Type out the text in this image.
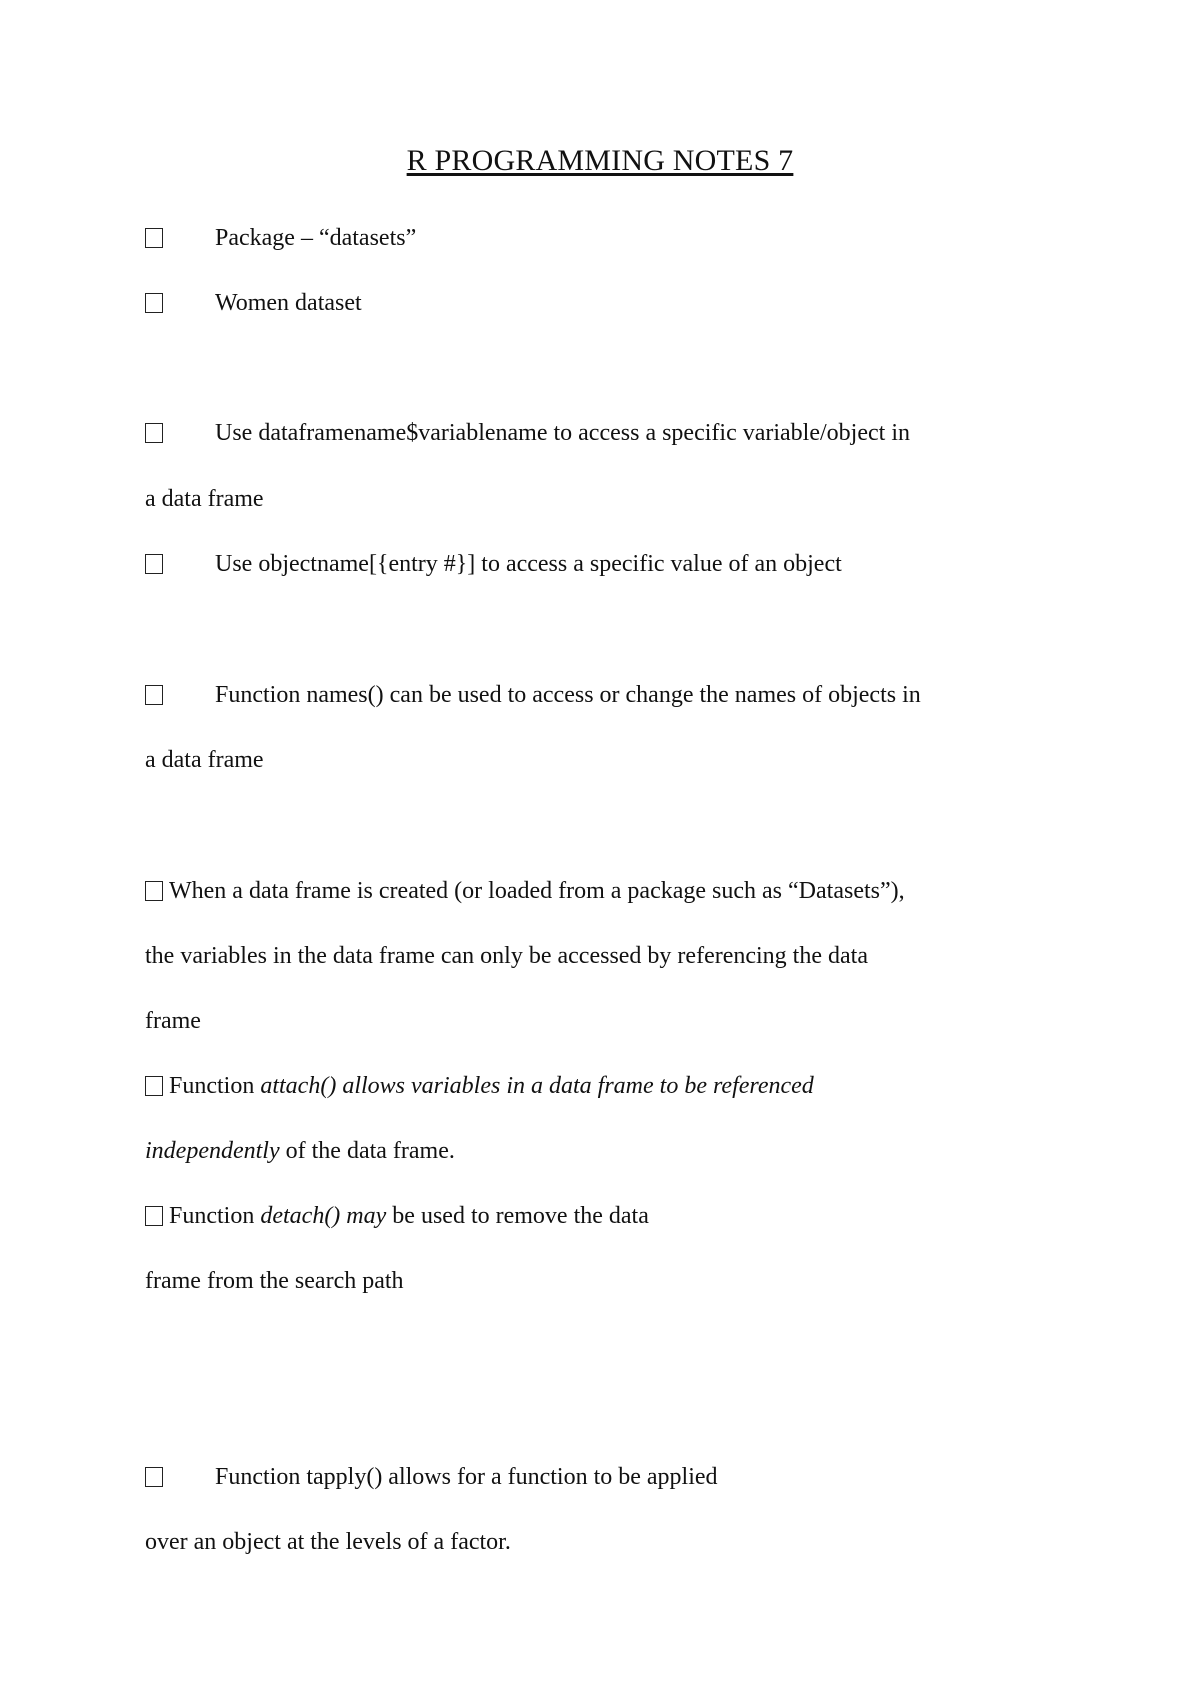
R PROGRAMMING NOTES 7
Package – “datasets”
Women dataset
Use dataframename$variablename to access a specific variable/object in
a data frame
Use objectname[{entry #}] to access a specific value of an object
Function names() can be used to access or change the names of objects in
a data frame
When a data frame is created (or loaded from a package such as “Datasets”),
the variables in the data frame can only be accessed by referencing the data
frame
Function attach() allows variables in a data frame to be referenced
independently of the data frame.
Function detach() may be used to remove the data
frame from the search path
Function tapply() allows for a function to be applied
over an object at the levels of a factor.
